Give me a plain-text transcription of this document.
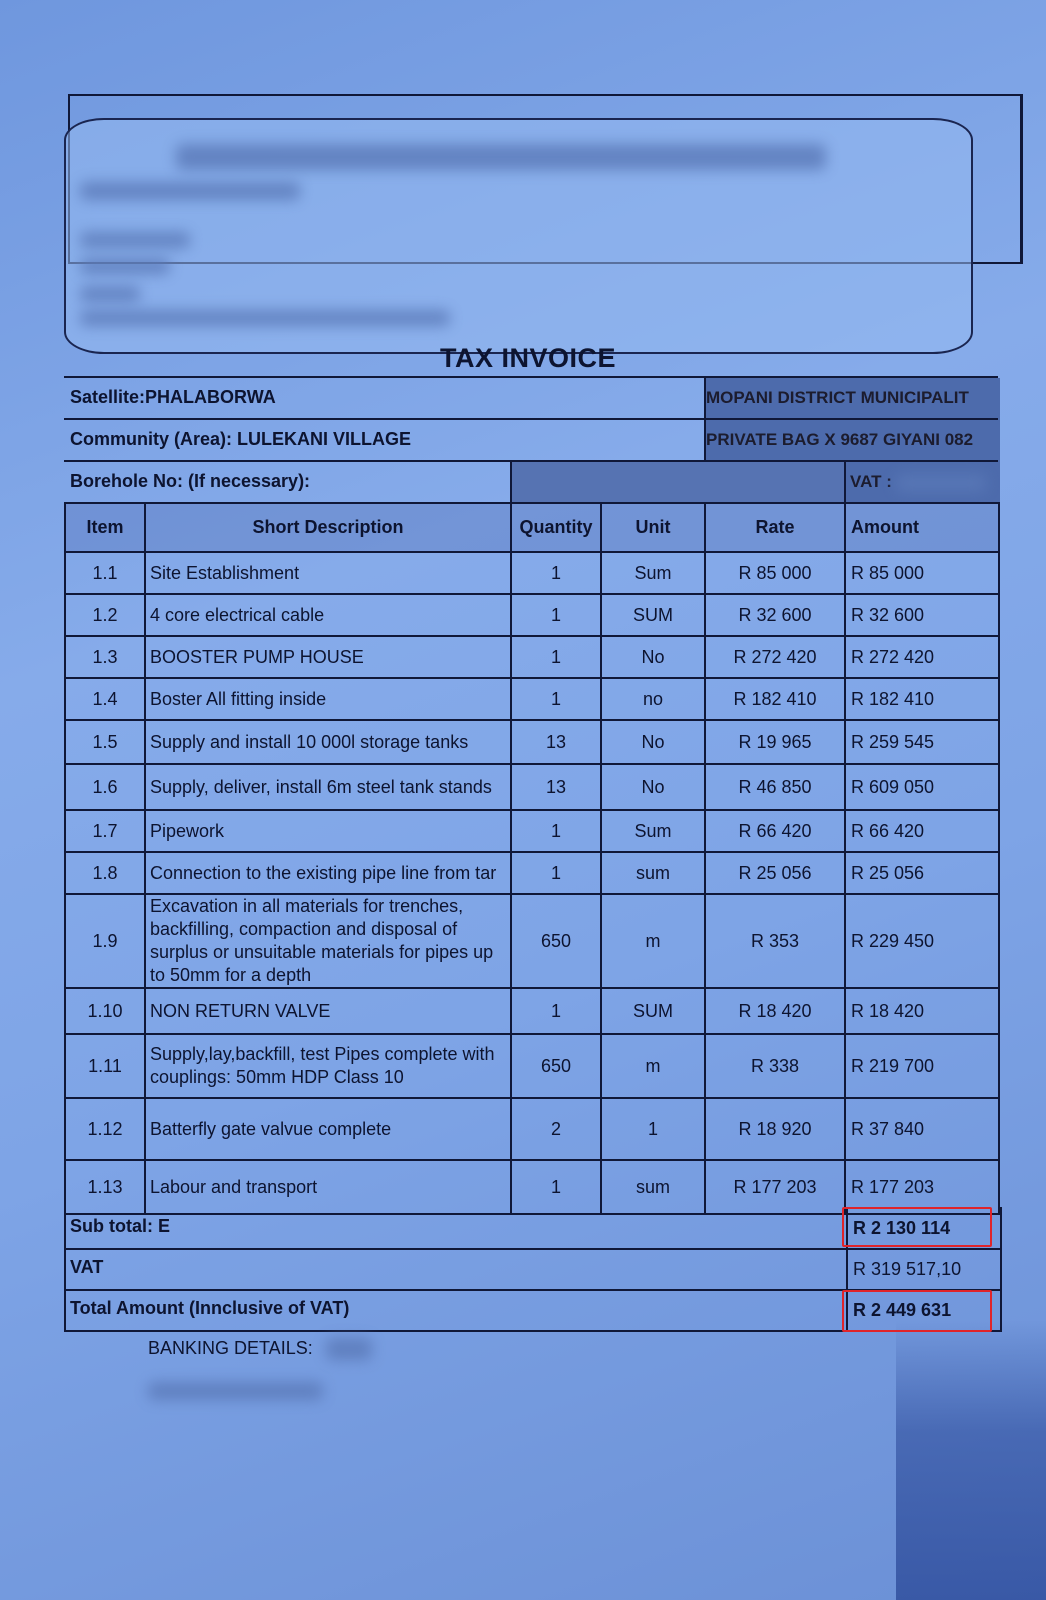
TAX INVOICE
Satellite:PHALABORWA	MOPANI DISTRICT MUNICIPALIT
Community (Area): LULEKANI VILLAGE	PRIVATE BAG X 9687 GIYANI 082
Borehole No: (If necessary):	VAT :
Item	Short Description	Quantity	Unit	Rate	Amount
1.1	Site Establishment	1	Sum	R 85 000	R 85 000
1.2	4 core electrical cable	1	SUM	R 32 600	R 32 600
1.3	BOOSTER PUMP HOUSE	1	No	R 272 420	R 272 420
1.4	Boster All fitting inside	1	no	R 182 410	R 182 410
1.5	Supply and install 10 000l storage tanks	13	No	R 19 965	R 259 545
1.6	Supply, deliver, install 6m steel tank stands	13	No	R 46 850	R 609 050
1.7	Pipework	1	Sum	R 66 420	R 66 420
1.8	Connection to the existing pipe line from tar	1	sum	R 25 056	R 25 056
1.9	Excavation in all materials for trenches, backfilling, compaction and disposal of surplus or unsuitable materials for pipes up to 50mm for a depth	650	m	R 353	R 229 450
1.10	NON RETURN VALVE	1	SUM	R 18 420	R 18 420
1.11	Supply,lay,backfill, test Pipes complete with couplings: 50mm HDP Class 10	650	m	R 338	R 219 700
1.12	Batterfly gate valvue complete	2	1	R 18 920	R 37 840
1.13	Labour and transport	1	sum	R 177 203	R 177 203
Sub total: E	R 2 130 114
VAT	R 319 517,10
Total Amount (Innclusive of VAT)	R 2 449 631
BANKING DETAILS:
